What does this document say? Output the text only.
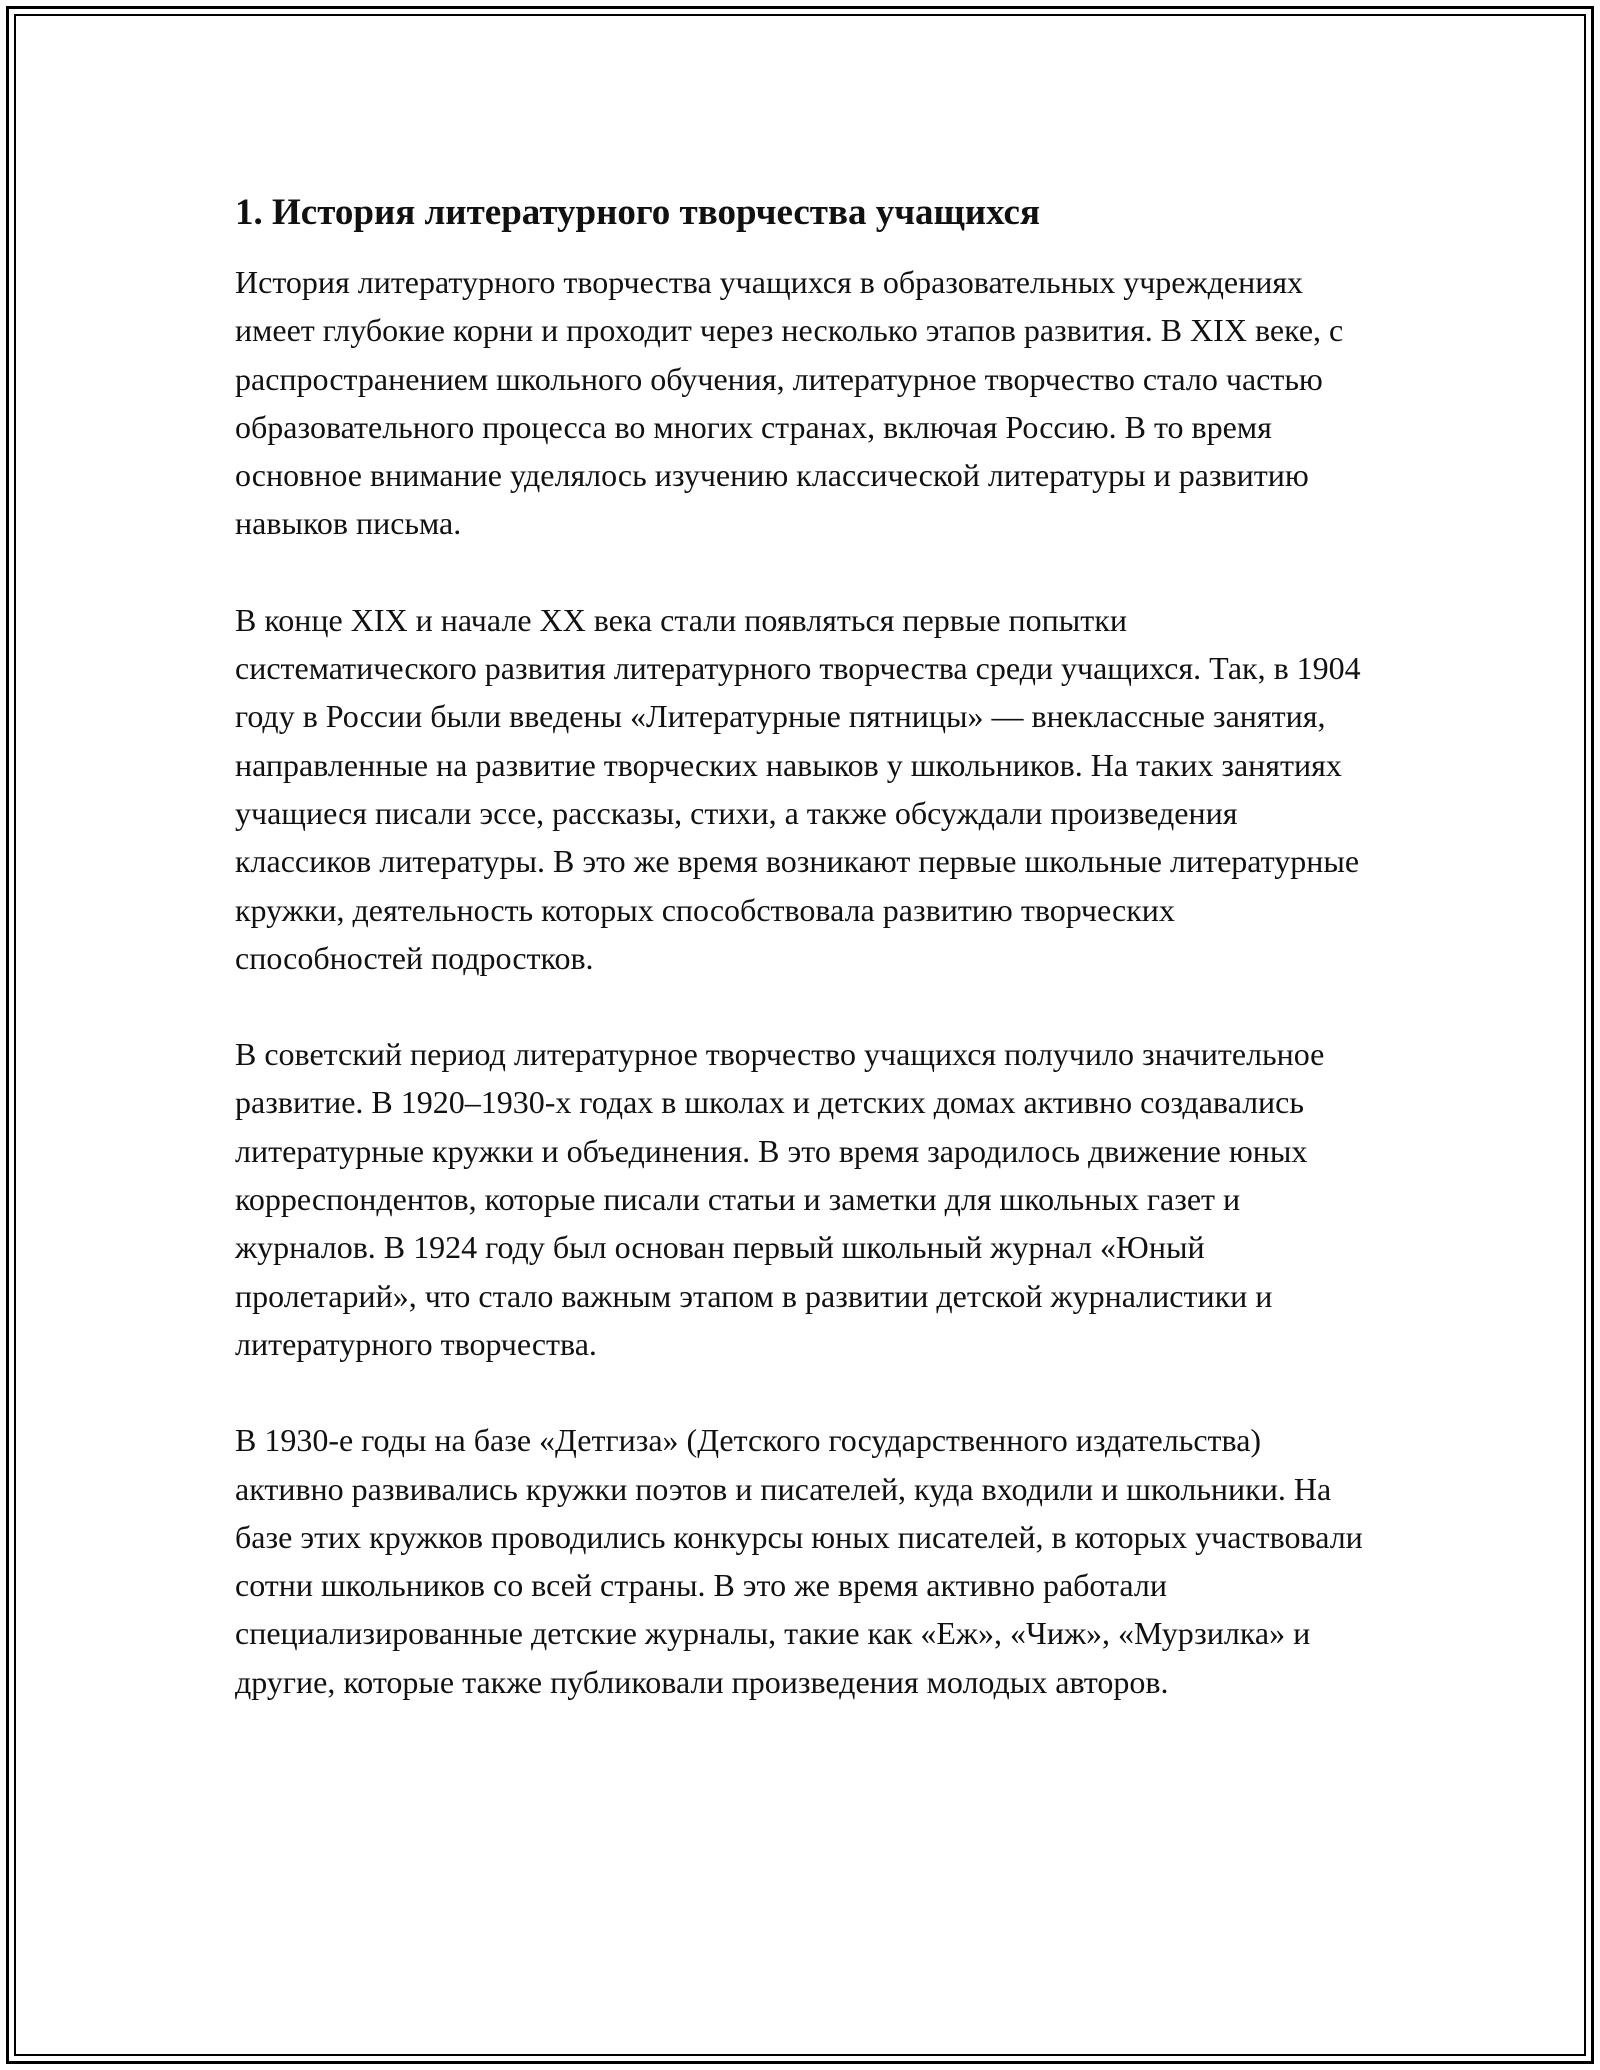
1. История литературного творчества учащихся

История литературного творчества учащихся в образовательных учреждениях имеет глубокие корни и проходит через несколько этапов развития. В XIX веке, с распространением школьного обучения, литературное творчество стало частью образовательного процесса во многих странах, включая Россию. В то время основное внимание уделялось изучению классической литературы и развитию навыков письма.

В конце XIX и начале XX века стали появляться первые попытки систематического развития литературного творчества среди учащихся. Так, в 1904 году в России были введены «Литературные пятницы» — внеклассные занятия, направленные на развитие творческих навыков у школьников. На таких занятиях учащиеся писали эссе, рассказы, стихи, а также обсуждали произведения классиков литературы. В это же время возникают первые школьные литературные кружки, деятельность которых способствовала развитию творческих способностей подростков.

В советский период литературное творчество учащихся получило значительное развитие. В 1920–1930-х годах в школах и детских домах активно создавались литературные кружки и объединения. В это время зародилось движение юных корреспондентов, которые писали статьи и заметки для школьных газет и журналов. В 1924 году был основан первый школьный журнал «Юный пролетарий», что стало важным этапом в развитии детской журналистики и литературного творчества.

В 1930-е годы на базе «Детгиза» (Детского государственного издательства) активно развивались кружки поэтов и писателей, куда входили и школьники. На базе этих кружков проводились конкурсы юных писателей, в которых участвовали сотни школьников со всей страны. В это же время активно работали специализированные детские журналы, такие как «Еж», «Чиж», «Мурзилка» и другие, которые также публиковали произведения молодых авторов.
